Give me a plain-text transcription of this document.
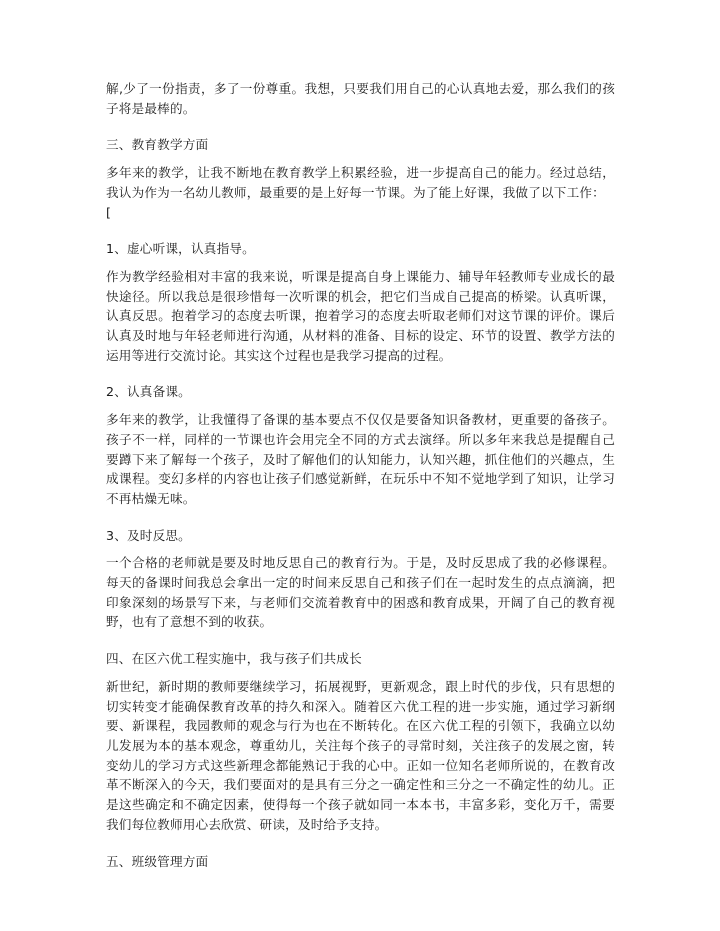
解,少了一份指责，多了一份尊重。我想，只要我们用自己的心认真地去爱，那么我们的孩子将是最棒的。

三、教育教学方面

多年来的教学，让我不断地在教育教学上积累经验，进一步提高自己的能力。经过总结，我认为作为一名幼儿教师，最重要的是上好每一节课。为了能上好课，我做了以下工作：
[

1、虚心听课，认真指导。

作为教学经验相对丰富的我来说，听课是提高自身上课能力、辅导年轻教师专业成长的最快途径。所以我总是很珍惜每一次听课的机会，把它们当成自己提高的桥梁。认真听课，认真反思。抱着学习的态度去听课，抱着学习的态度去听取老师们对这节课的评价。课后认真及时地与年轻老师进行沟通，从材料的准备、目标的设定、环节的设置、教学方法的运用等进行交流讨论。其实这个过程也是我学习提高的过程。

2、认真备课。

多年来的教学，让我懂得了备课的基本要点不仅仅是要备知识备教材，更重要的备孩子。孩子不一样，同样的一节课也许会用完全不同的方式去演绎。所以多年来我总是提醒自己要蹲下来了解每一个孩子，及时了解他们的认知能力，认知兴趣，抓住他们的兴趣点，生成课程。变幻多样的内容也让孩子们感觉新鲜，在玩乐中不知不觉地学到了知识，让学习不再枯燥无味。

3、及时反思。

一个合格的老师就是要及时地反思自己的教育行为。于是，及时反思成了我的必修课程。每天的备课时间我总会拿出一定的时间来反思自己和孩子们在一起时发生的点点滴滴，把印象深刻的场景写下来，与老师们交流着教育中的困惑和教育成果，开阔了自己的教育视野，也有了意想不到的收获。

四、在区六优工程实施中，我与孩子们共成长

新世纪，新时期的教师要继续学习，拓展视野，更新观念，跟上时代的步伐，只有思想的切实转变才能确保教育改革的持久和深入。随着区六优工程的进一步实施，通过学习新纲要、新课程，我园教师的观念与行为也在不断转化。在区六优工程的引领下，我确立以幼儿发展为本的基本观念，尊重幼儿，关注每个孩子的寻常时刻，关注孩子的发展之窗，转变幼儿的学习方式这些新理念都能熟记于我的心中。正如一位知名老师所说的，在教育改革不断深入的今天，我们要面对的是具有三分之一确定性和三分之一不确定性的幼儿。正是这些确定和不确定因素，使得每一个孩子就如同一本本书，丰富多彩，变化万千，需要我们每位教师用心去欣赏、研读，及时给予支持。

五、班级管理方面
